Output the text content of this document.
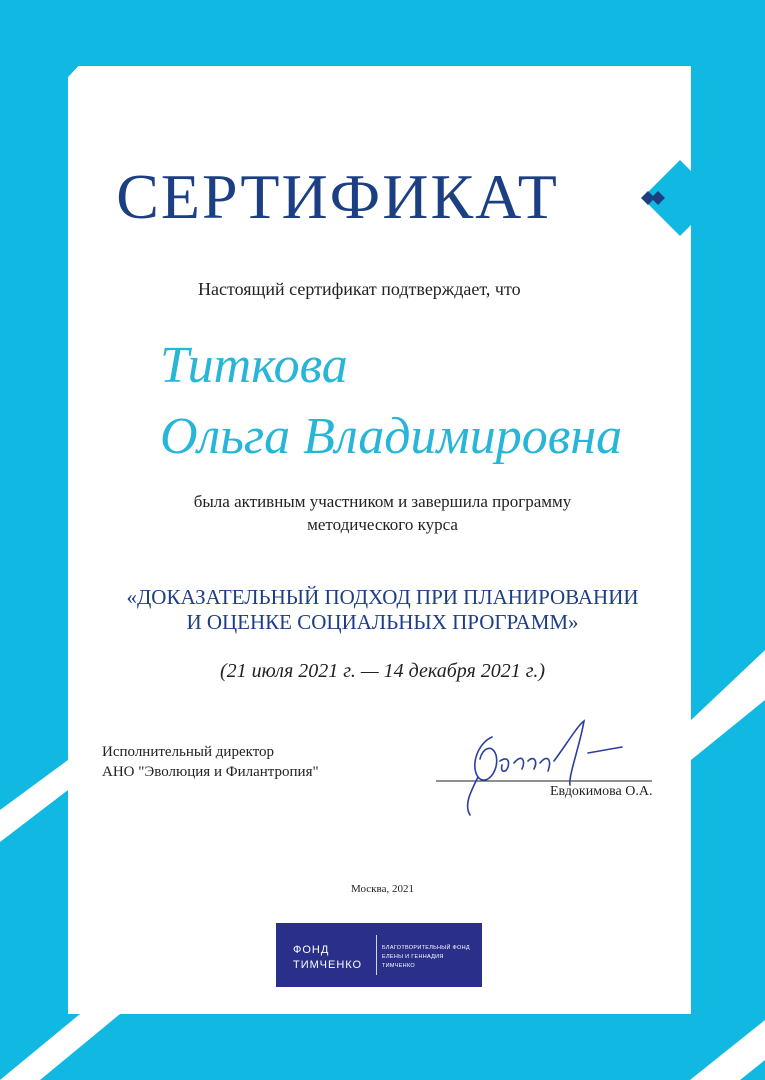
СЕРТИФИКАТ
Настоящий сертификат подтверждает, что
Титкова
Ольга Владимировна
была активным участником и завершила программу
методического курса
«ДОКАЗАТЕЛЬНЫЙ ПОДХОД ПРИ ПЛАНИРОВАНИИ
И ОЦЕНКЕ СОЦИАЛЬНЫХ ПРОГРАММ»
(21 июля 2021 г. — 14 декабря 2021 г.)
Исполнительный директор
АНО "Эволюция и Филантропия"
Евдокимова О.А.
Москва, 2021
ФОНД
ТИМЧЕНКО
БЛАГОТВОРИТЕЛЬНЫЙ ФОНД
ЕЛЕНЫ И ГЕННАДИЯ
ТИМЧЕНКО
